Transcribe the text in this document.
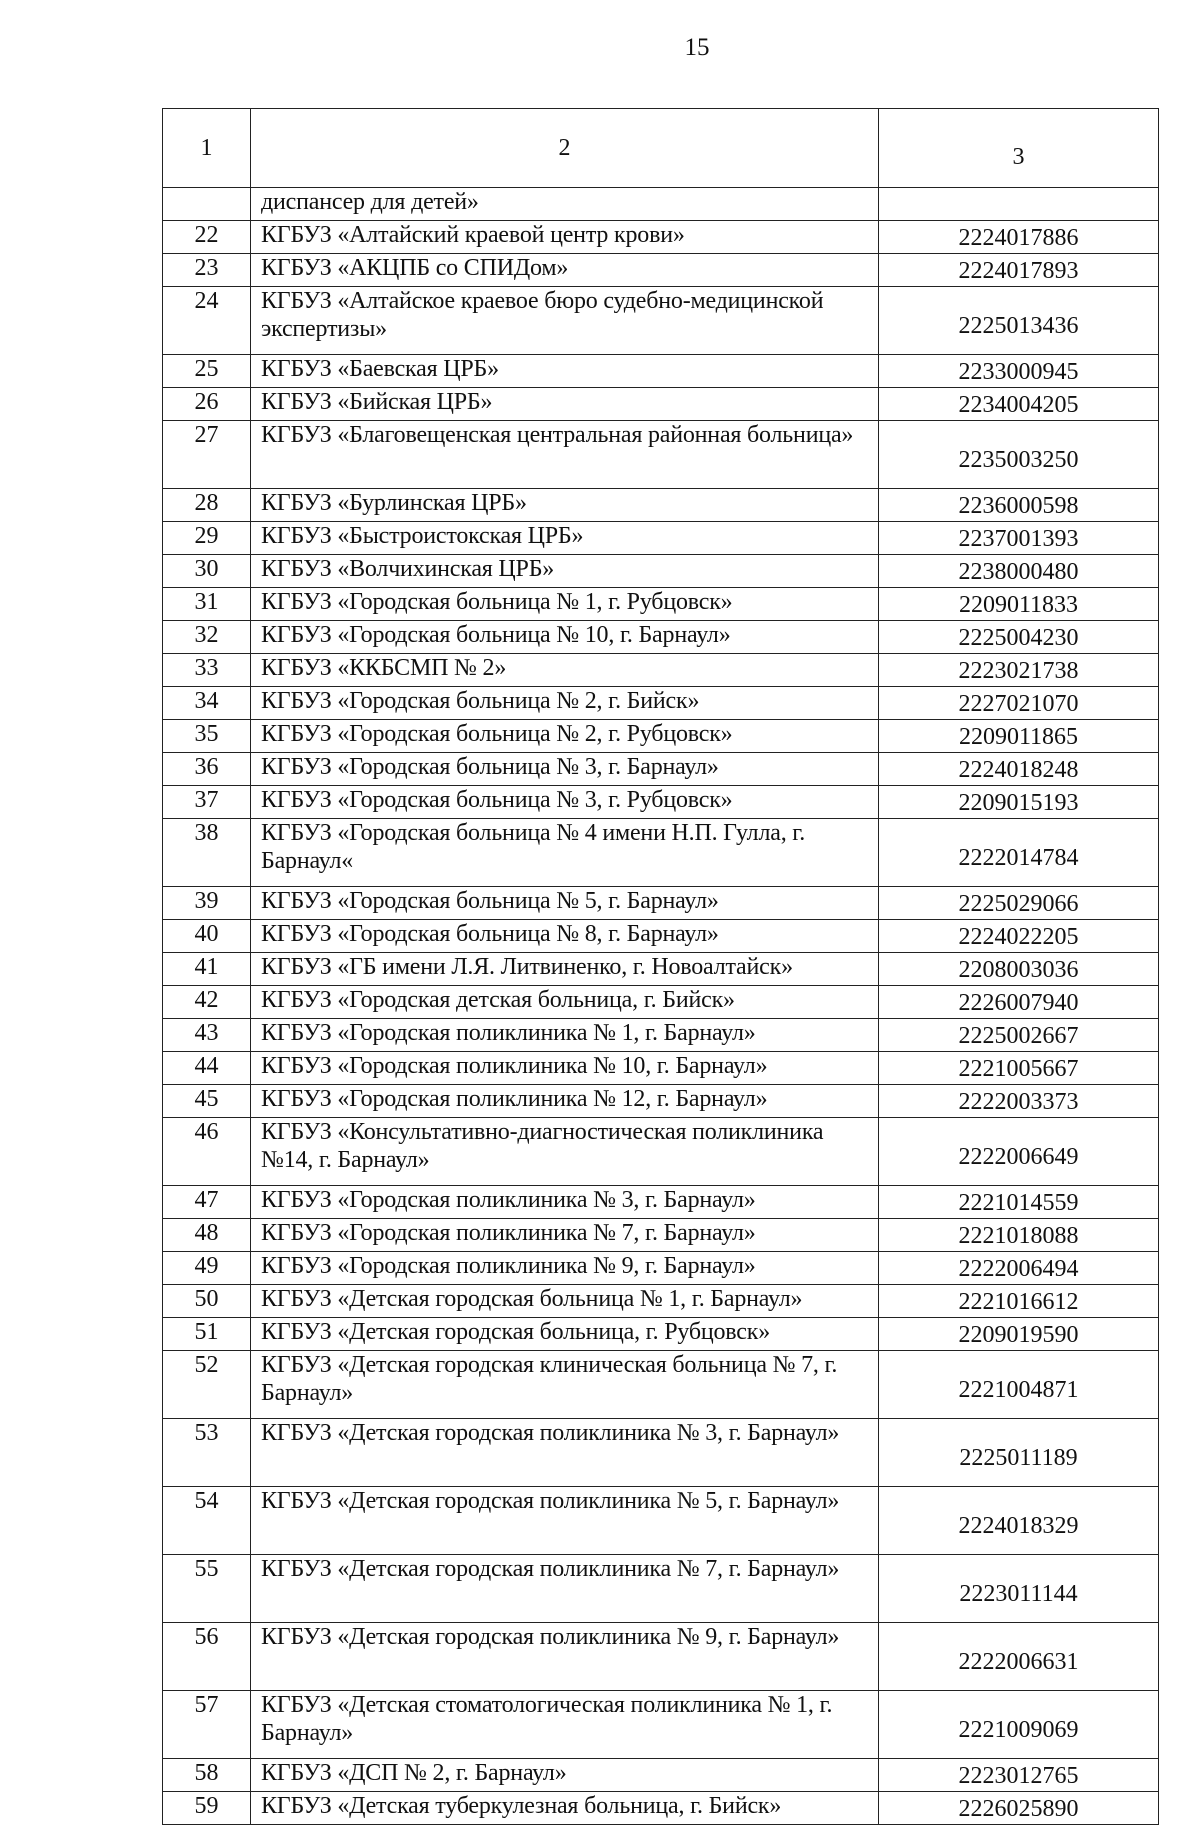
15
1	2	3
	диспансер для детей»	
22	КГБУЗ «Алтайский краевой центр крови»	2224017886
23	КГБУЗ «АКЦПБ со СПИДом»	2224017893
24	КГБУЗ «Алтайское краевое бюро судебно-медицинской экспертизы»	2225013436
25	КГБУЗ «Баевская ЦРБ»	2233000945
26	КГБУЗ «Бийская ЦРБ»	2234004205
27	КГБУЗ «Благовещенская центральная районная больница»	2235003250
28	КГБУЗ «Бурлинская ЦРБ»	2236000598
29	КГБУЗ «Быстроистокская ЦРБ»	2237001393
30	КГБУЗ «Волчихинская ЦРБ»	2238000480
31	КГБУЗ «Городская больница № 1, г. Рубцовск»	2209011833
32	КГБУЗ «Городская больница № 10, г. Барнаул»	2225004230
33	КГБУЗ «ККБСМП № 2»	2223021738
34	КГБУЗ «Городская больница № 2, г. Бийск»	2227021070
35	КГБУЗ «Городская больница № 2, г. Рубцовск»	2209011865
36	КГБУЗ «Городская больница № 3, г. Барнаул»	2224018248
37	КГБУЗ «Городская больница № 3, г. Рубцовск»	2209015193
38	КГБУЗ «Городская больница № 4 имени Н.П. Гулла, г. Барнаул«	2222014784
39	КГБУЗ «Городская больница № 5, г. Барнаул»	2225029066
40	КГБУЗ «Городская больница № 8, г. Барнаул»	2224022205
41	КГБУЗ «ГБ имени Л.Я. Литвиненко, г. Новоалтайск»	2208003036
42	КГБУЗ «Городская детская больница, г. Бийск»	2226007940
43	КГБУЗ «Городская поликлиника № 1, г. Барнаул»	2225002667
44	КГБУЗ «Городская поликлиника № 10, г. Барнаул»	2221005667
45	КГБУЗ «Городская поликлиника № 12, г. Барнаул»	2222003373
46	КГБУЗ «Консультативно-диагностическая поликлиника №14, г. Барнаул»	2222006649
47	КГБУЗ «Городская поликлиника № 3, г. Барнаул»	2221014559
48	КГБУЗ «Городская поликлиника № 7, г. Барнаул»	2221018088
49	КГБУЗ «Городская поликлиника № 9, г. Барнаул»	2222006494
50	КГБУЗ «Детская городская больница № 1, г. Барнаул»	2221016612
51	КГБУЗ «Детская городская больница, г. Рубцовск»	2209019590
52	КГБУЗ «Детская городская клиническая больница № 7, г. Барнаул»	2221004871
53	КГБУЗ «Детская городская поликлиника № 3, г. Барнаул»	2225011189
54	КГБУЗ «Детская городская поликлиника № 5, г. Барнаул»	2224018329
55	КГБУЗ «Детская городская поликлиника № 7, г. Барнаул»	2223011144
56	КГБУЗ «Детская городская поликлиника № 9, г. Барнаул»	2222006631
57	КГБУЗ «Детская стоматологическая поликлиника № 1, г. Барнаул»	2221009069
58	КГБУЗ «ДСП № 2, г. Барнаул»	2223012765
59	КГБУЗ «Детская туберкулезная больница, г. Бийск»	2226025890
